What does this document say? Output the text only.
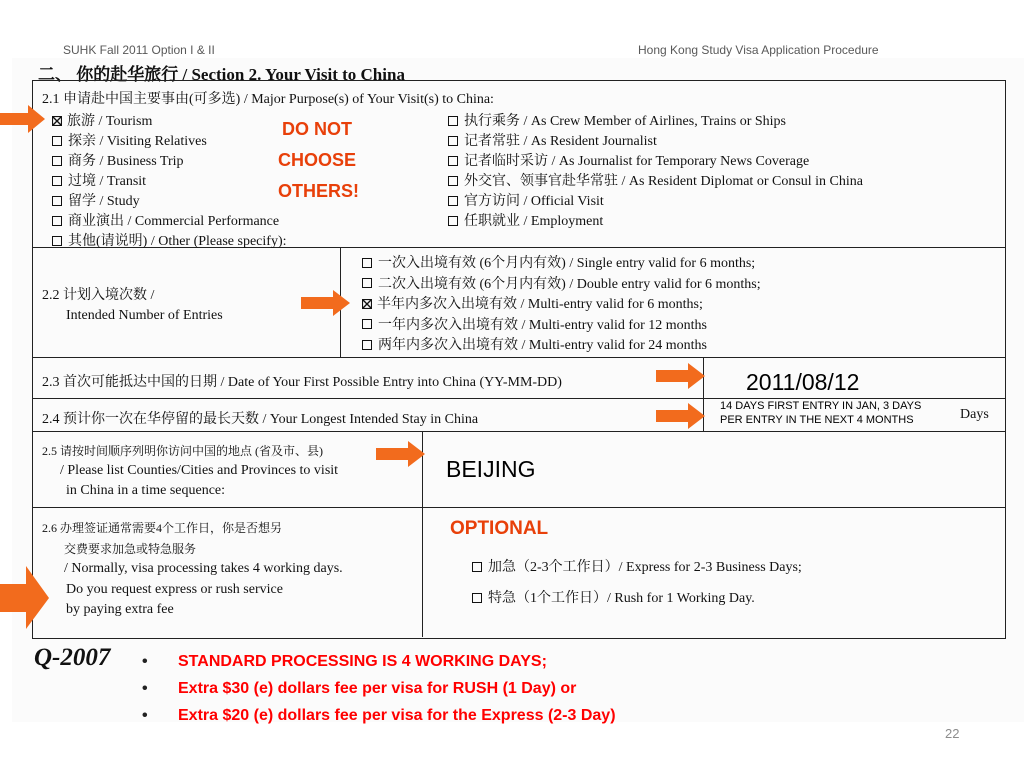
SUHK Fall 2011 Option I & II	Hong Kong Study Visa Application Procedure
二、 你的赴华旅行 / Section 2. Your Visit to China
2.1 申请赴中国主要事由(可多选) / Major Purpose(s) of Your Visit(s) to China:
旅游 / Tourism
探亲 / Visiting Relatives
商务 / Business Trip
过境 / Transit
留学 / Study
商业演出 / Commercial Performance
其他(请说明) / Other (Please specify):
执行乘务 / As Crew Member of Airlines, Trains or Ships
记者常驻 / As Resident Journalist
记者临时采访 / As Journalist for Temporary News Coverage
外交官、领事官赴华常驻 / As Resident Diplomat or Consul in China
官方访问 / Official Visit
任职就业 / Employment
DO NOT
CHOOSE
OTHERS!
2.2 计划入境次数 /
Intended Number of Entries
一次入出境有效 (6个月内有效) / Single entry valid for 6 months;
二次入出境有效 (6个月内有效) / Double entry valid for 6 months;
半年内多次入出境有效 / Multi-entry valid for 6 months;
一年内多次入出境有效 / Multi-entry valid for 12 months
两年内多次入出境有效 / Multi-entry valid for 24 months
2.3 首次可能抵达中国的日期 / Date of Your First Possible Entry into China (YY-MM-DD)	2011/08/12
2.4 预计你一次在华停留的最长天数 / Your Longest Intended Stay in China
14 DAYS FIRST ENTRY IN JAN, 3 DAYS
PER ENTRY IN THE NEXT 4 MONTHS	Days
2.5 请按时间顺序列明你访问中国的地点 (省及市、县)
/ Please list Counties/Cities and Provinces to visit
in China in a time sequence:
BEIJING
2.6 办理签证通常需要4个工作日，你是否想另
交费要求加急或特急服务
/ Normally, visa processing takes 4 working days.
Do you request express or rush service
by paying extra fee
OPTIONAL
加急（2-3个工作日）/ Express for 2-3 Business Days;
特急（1个工作日）/ Rush for 1 Working Day.
Q-2007 • STANDARD PROCESSING IS 4 WORKING DAYS;
• Extra $30 (e) dollars fee per visa for RUSH (1 Day) or
• Extra $20 (e) dollars fee per visa for the Express (2-3 Day)
22
